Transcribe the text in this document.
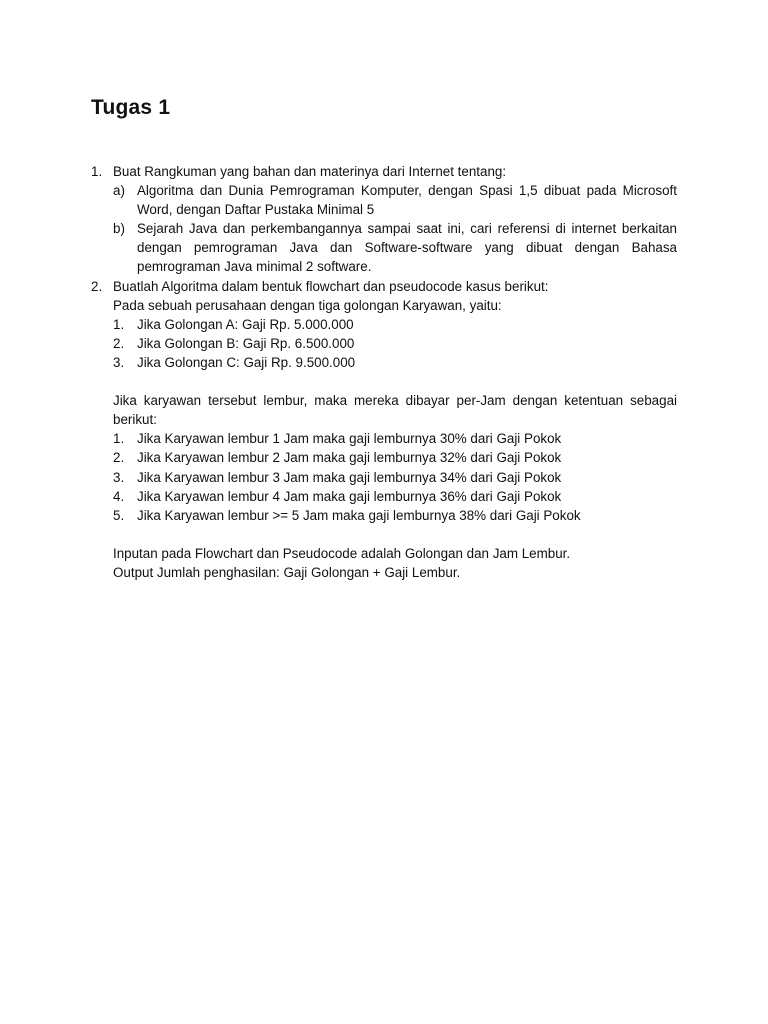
Tugas 1
1. Buat Rangkuman yang bahan dan materinya dari Internet tentang:
a) Algoritma dan Dunia Pemrograman Komputer, dengan Spasi 1,5 dibuat pada Microsoft Word, dengan Daftar Pustaka Minimal 5
b) Sejarah Java dan perkembangannya sampai saat ini, cari referensi di internet berkaitan dengan pemrograman Java dan Software-software yang dibuat dengan Bahasa pemrograman Java minimal 2 software.
2. Buatlah Algoritma dalam bentuk flowchart dan pseudocode kasus berikut:
Pada sebuah perusahaan dengan tiga golongan Karyawan, yaitu:
1. Jika Golongan A: Gaji Rp. 5.000.000
2. Jika Golongan B: Gaji Rp. 6.500.000
3. Jika Golongan C: Gaji Rp. 9.500.000
Jika karyawan tersebut lembur, maka mereka dibayar per-Jam dengan ketentuan sebagai berikut:
1. Jika Karyawan lembur 1 Jam maka gaji lemburnya 30% dari Gaji Pokok
2. Jika Karyawan lembur 2 Jam maka gaji lemburnya 32% dari Gaji Pokok
3. Jika Karyawan lembur 3 Jam maka gaji lemburnya 34% dari Gaji Pokok
4. Jika Karyawan lembur 4 Jam maka gaji lemburnya 36% dari Gaji Pokok
5. Jika Karyawan lembur >= 5 Jam maka gaji lemburnya 38% dari Gaji Pokok
Inputan pada Flowchart dan Pseudocode adalah Golongan dan Jam Lembur.
Output Jumlah penghasilan: Gaji Golongan + Gaji Lembur.
